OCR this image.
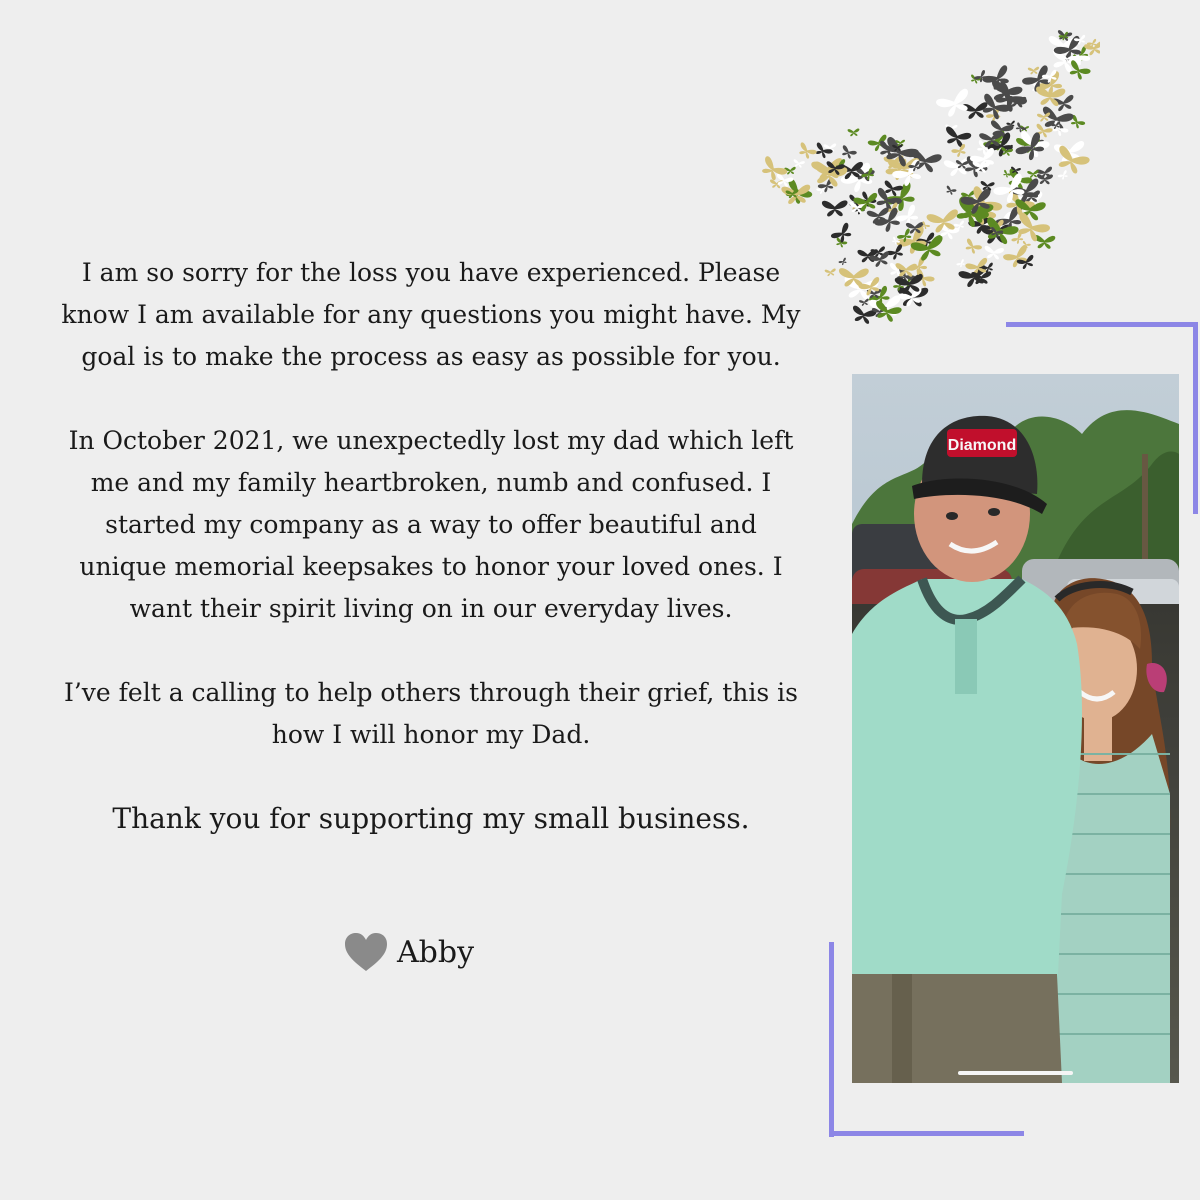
I am so sorry for the loss you have experienced. Please
know I am available for any questions you might have. My
goal is to make the process as easy as possible for you.

In October 2021, we unexpectedly lost my dad which left
me and my family heartbroken, numb and confused. I
started my company as a way to offer beautiful and
unique memorial keepsakes to honor your loved ones. I
want their spirit living on in our everyday lives.

I’ve felt a calling to help others through their grief, this is
how I will honor my Dad.

Thank you for supporting my small business.

Abby
Diamond
